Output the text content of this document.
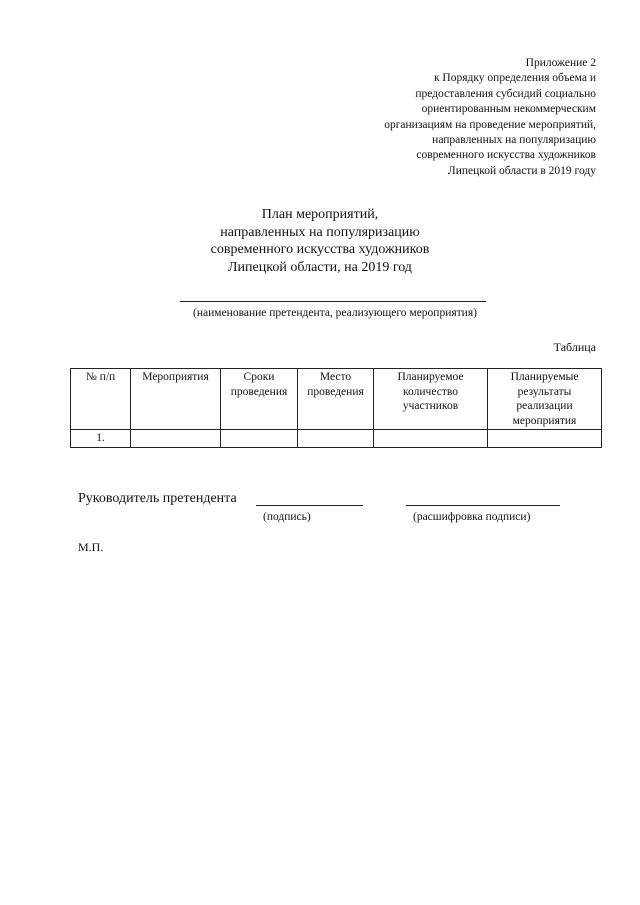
Приложение 2
к Порядку определения объема и
предоставления субсидий социально
ориентированным некоммерческим
организациям на проведение мероприятий,
направленных на популяризацию
современного искусства художников
Липецкой области в 2019 году
План мероприятий,
направленных на популяризацию
современного искусства художников
Липецкой области, на 2019 год
(наименование претендента, реализующего мероприятия)
Таблица
№ п/п	Мероприятия	Сроки проведения	Место проведения	Планируемое количество участников	Планируемые результаты реализации мероприятия
1.					
Руководитель претендента
(подпись)	(расшифровка подписи)
М.П.
